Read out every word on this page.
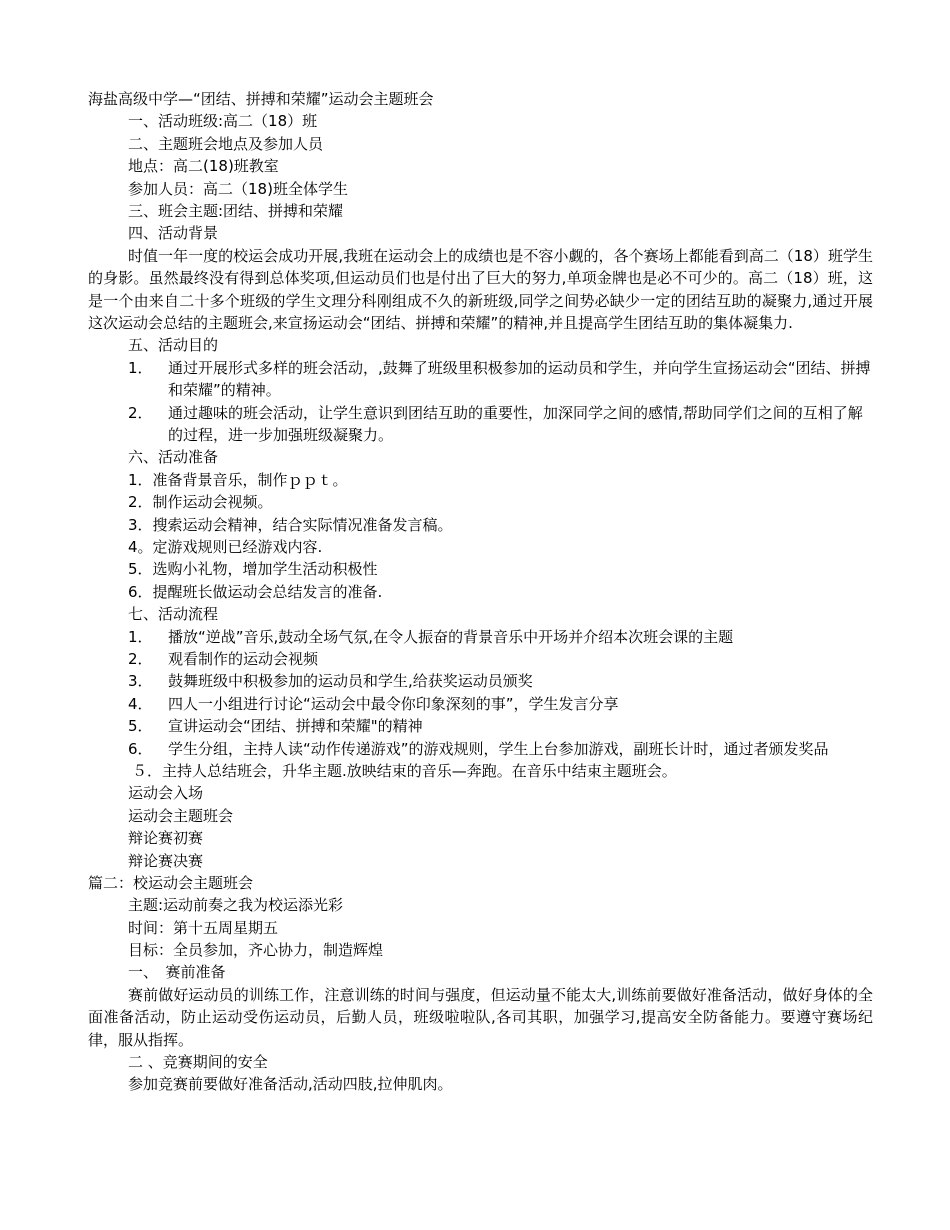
海盐高级中学—“团结、拼搏和荣耀”运动会主题班会
一、活动班级:高二（18）班
二、主题班会地点及参加人员
地点：高二(18)班教室
参加人员：高二（18)班全体学生
三、班会主题:团结、拼搏和荣耀
四、活动背景
时值一年一度的校运会成功开展,我班在运动会上的成绩也是不容小觑的，各个赛场上都能看到高二（18）班学生的身影。虽然最终没有得到总体奖项,但运动员们也是付出了巨大的努力,单项金牌也是必不可少的。高二（18）班，这是一个由来自二十多个班级的学生文理分科刚组成不久的新班级,同学之间势必缺少一定的团结互助的凝聚力,通过开展这次运动会总结的主题班会,来宣扬运动会“团结、拼搏和荣耀”的精神,并且提高学生团结互助的集体凝集力.
五、活动目的
1．	通过开展形式多样的班会活动，,鼓舞了班级里积极参加的运动员和学生，并向学生宣扬运动会“团结、拼搏和荣耀”的精神。
2．	通过趣味的班会活动，让学生意识到团结互助的重要性，加深同学之间的感情,帮助同学们之间的互相了解的过程，进一步加强班级凝聚力。
六、活动准备
1．准备背景音乐，制作ｐｐｔ。
2．制作运动会视频。
3．搜索运动会精神，结合实际情况准备发言稿。
4。定游戏规则已经游戏内容.
5．选购小礼物，增加学生活动积极性
6．提醒班长做运动会总结发言的准备.
七、活动流程
1．	播放“逆战”音乐,鼓动全场气氛,在令人振奋的背景音乐中开场并介绍本次班会课的主题
2．	观看制作的运动会视频
3．	鼓舞班级中积极参加的运动员和学生,给获奖运动员颁奖
4．	四人一小组进行讨论“运动会中最令你印象深刻的事”，学生发言分享
5．	宣讲运动会“团结、拼搏和荣耀"的精神
6．	学生分组，主持人读“动作传递游戏”的游戏规则，学生上台参加游戏，副班长计时，通过者颁发奖品
５．主持人总结班会，升华主题.放映结束的音乐—奔跑。在音乐中结束主题班会。
运动会入场
运动会主题班会
辩论赛初赛
辩论赛决赛
篇二：校运动会主题班会
主题:运动前奏之我为校运添光彩
时间：第十五周星期五
目标：全员参加，齐心协力，制造辉煌
一、　赛前准备
赛前做好运动员的训练工作，注意训练的时间与强度，但运动量不能太大,训练前要做好准备活动，做好身体的全面准备活动，防止运动受伤运动员，后勤人员，班级啦啦队,各司其职，加强学习,提高安全防备能力。要遵守赛场纪律，服从指挥。
二 、竞赛期间的安全
参加竞赛前要做好准备活动,活动四肢,拉伸肌肉。
